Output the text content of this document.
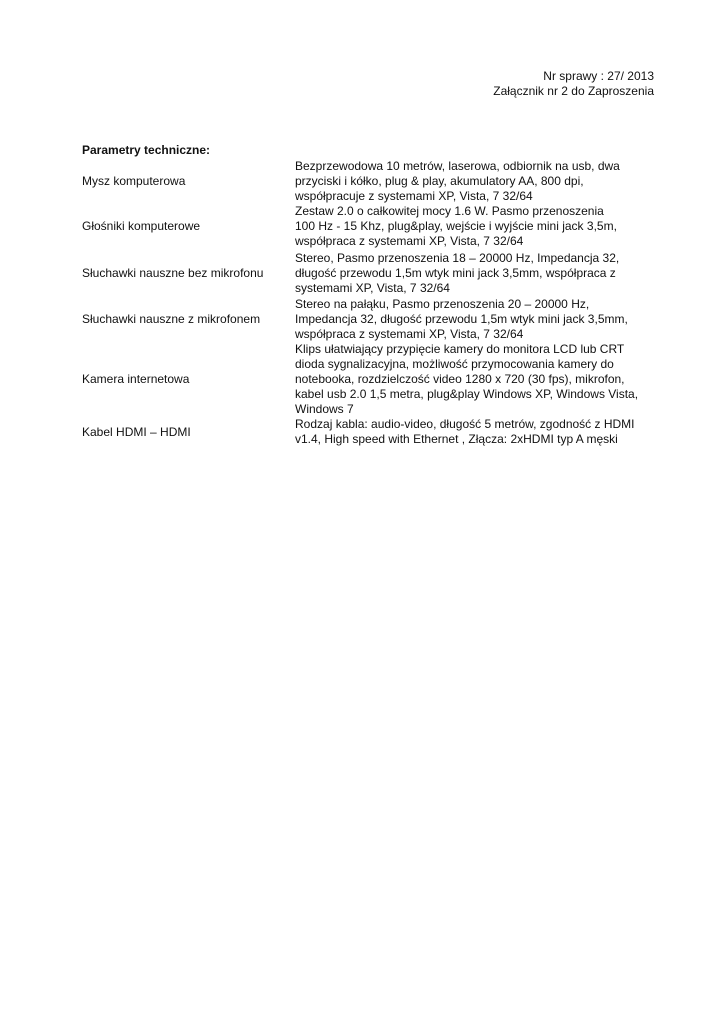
Nr sprawy : 27/ 2013
Załącznik nr 2 do Zaproszenia
Parametry techniczne:
Mysz komputerowa
Bezprzewodowa 10 metrów, laserowa, odbiornik na usb, dwa
przyciski i kółko, plug & play, akumulatory AA, 800 dpi,
współpracuje z systemami XP, Vista, 7 32/64
Głośniki komputerowe
Zestaw 2.0 o całkowitej mocy 1.6 W. Pasmo przenoszenia
100 Hz - 15 Khz, plug&play, wejście i wyjście mini jack 3,5m,
współpraca z systemami XP, Vista, 7 32/64
Słuchawki nauszne bez mikrofonu
Stereo, Pasmo przenoszenia 18 – 20000 Hz, Impedancja 32,
długość przewodu 1,5m wtyk mini jack 3,5mm, współpraca z
systemami XP, Vista, 7 32/64
Słuchawki nauszne z mikrofonem
Stereo na pałąku, Pasmo przenoszenia 20 – 20000 Hz,
Impedancja 32, długość przewodu 1,5m wtyk mini jack 3,5mm,
współpraca z systemami XP, Vista, 7 32/64
Kamera internetowa
Klips ułatwiający przypięcie kamery do monitora LCD lub CRT
dioda sygnalizacyjna, możliwość przymocowania kamery do
notebooka, rozdzielczość video 1280 x 720 (30 fps), mikrofon,
kabel usb 2.0 1,5 metra, plug&play Windows XP, Windows Vista,
Windows 7
Kabel HDMI – HDMI
Rodzaj kabla: audio-video, długość 5 metrów, zgodność z HDMI
v1.4, High speed with Ethernet , Złącza: 2xHDMI typ A męski
